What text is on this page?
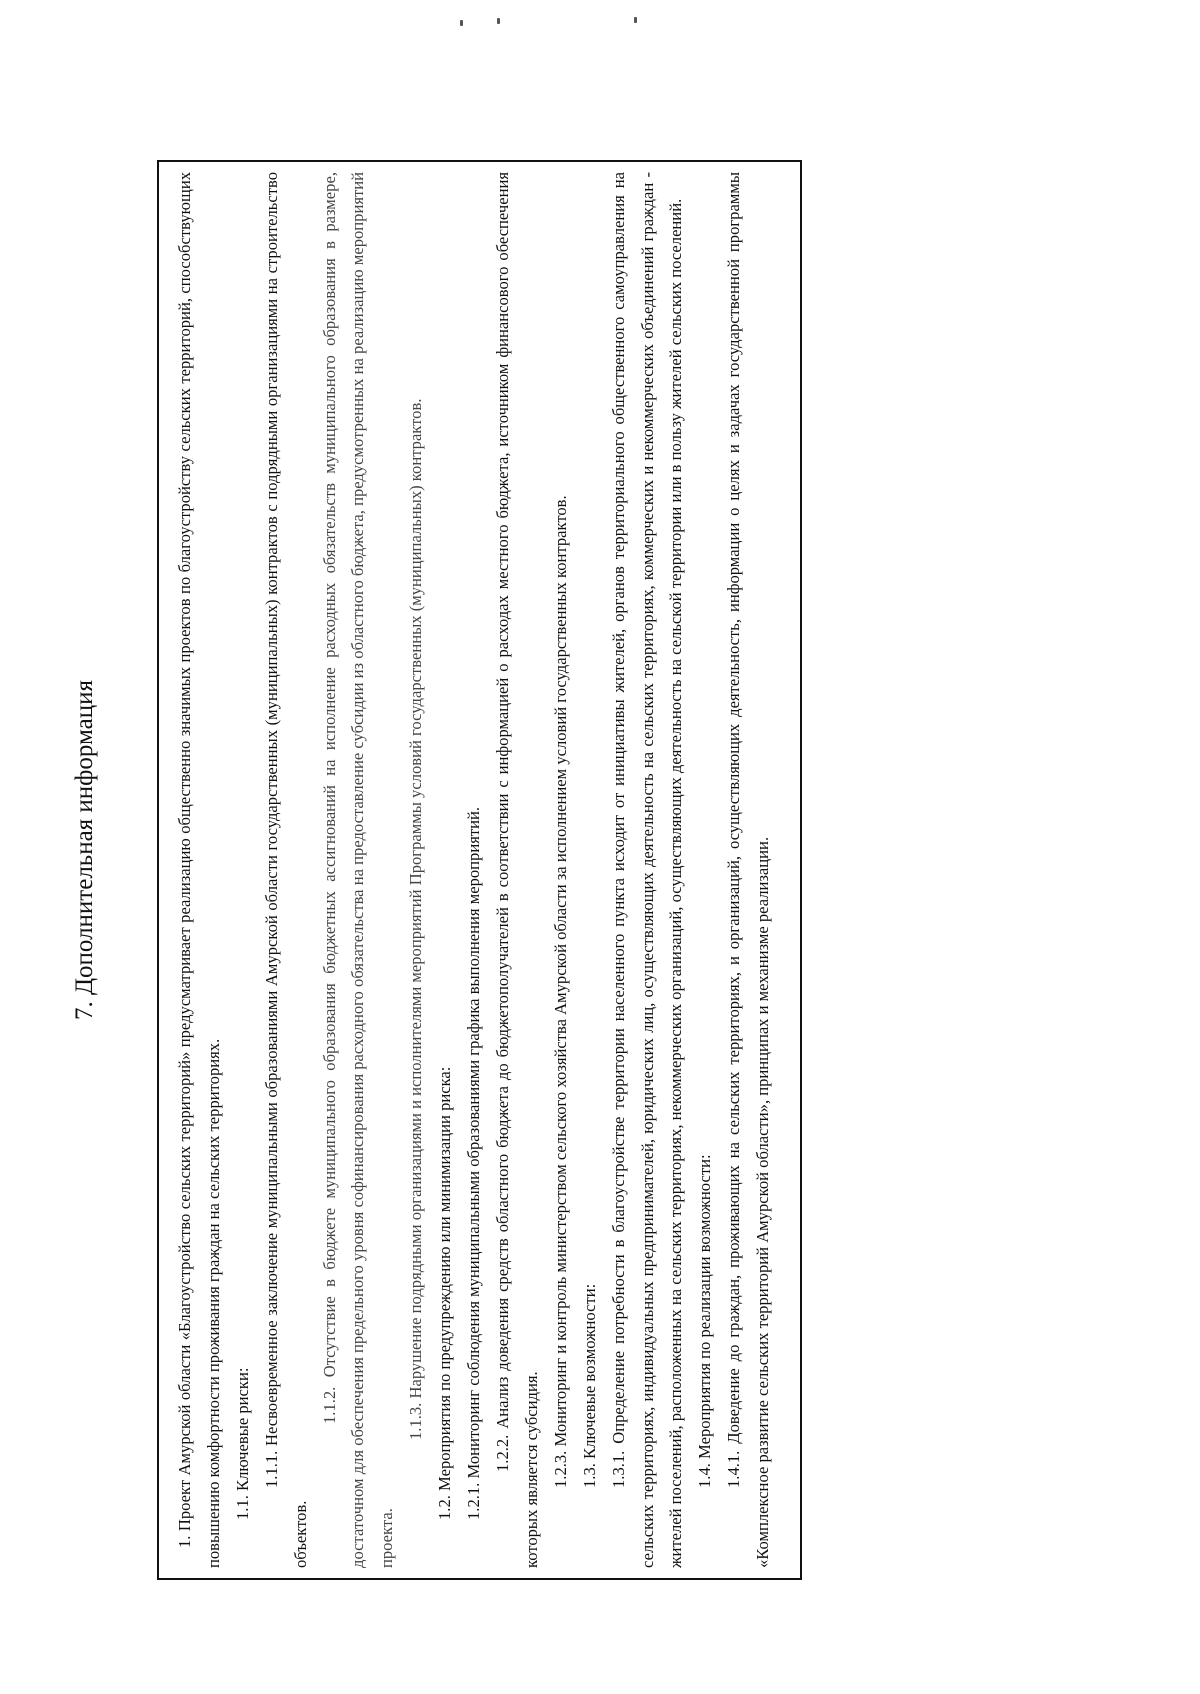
7. Дополнительная информация	1. Проект Амурской области «Благоустройство сельских территорий» предусматривает реализацию общественно значимых проектов по благоустройству сельских территорий, способствующих повышению комфортности проживания граждан на сельских территориях. 1.1. Ключевые риски: 1.1.1. Несвоевременное заключение муниципальными образованиями Амурской области государственных (муниципальных) контрактов с подрядными организациями на строительство объектов.

1.1.2. Отсутствие в бюджете муниципального образования бюджетных ассигнований на исполнение расходных обязательств муниципального образования в размере, достаточном для обеспечения предельного уровня софинансирования расходного обязательства на предоставление субсидии из областного бюджета, предусмотренных на реализацию мероприятий проекта.

1.1.3. Нарушение подрядными организациями и исполнителями мероприятий Программы условий государственных (муниципальных) контрактов. 1.2. Мероприятия по предупреждению или минимизации риска: 1.2.1. Мониторинг соблюдения муниципальными образованиями графика выполнения мероприятий. 1.2.2. Анализ доведения средств областного бюджета до бюджетополучателей в соответствии с информацией о расходах местного бюджета, источником финансового обеспечения которых является субсидия. 1.2.3. Мониторинг и контроль министерством сельского хозяйства Амурской области за исполнением условий государственных контрактов. 1.3. Ключевые возможности: 1.3.1. Определение потребности в благоустройстве территории населенного пункта исходит от инициативы жителей, органов территориального общественного самоуправления на сельских территориях, индивидуальных предпринимателей, юридических лиц, осуществляющих деятельность на сельских территориях, коммерческих и некоммерческих объединений граждан - жителей поселений, расположенных на сельских территориях, некоммерческих организаций, осуществляющих деятельность на сельской территории или в пользу жителей сельских поселений. 1.4. Мероприятия по реализации возможности: 1.4.1. Доведение до граждан, проживающих на сельских территориях, и организаций, осуществляющих деятельность, информации о целях и задачах государственной программы «Комплексное развитие сельских территорий Амурской области», принципах и механизме реализации.
